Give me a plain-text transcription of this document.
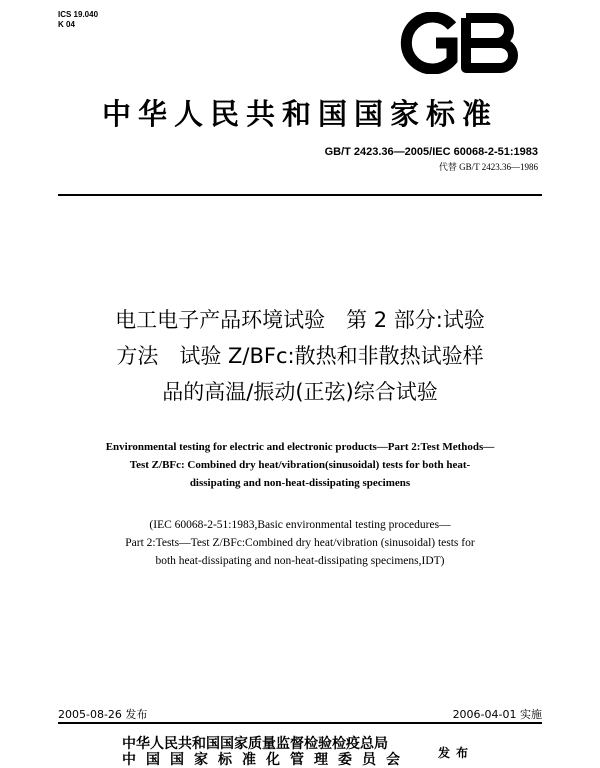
ICS 19.040
K 04
中华人民共和国国家标准
GB/T 2423.36—2005/IEC 60068-2-51:1983
代替 GB/T 2423.36—1986
电工电子产品环境试验　第 2 部分:试验
方法　试验 Z/BFc:散热和非散热试验样
品的高温/振动(正弦)综合试验
Environmental testing for electric and electronic products—Part 2:Test Methods—
Test Z/BFc: Combined dry heat/vibration(sinusoidal) tests for both heat-
dissipating and non-heat-dissipating specimens
(IEC 60068-2-51:1983,Basic environmental testing procedures—
Part 2:Tests—Test Z/BFc:Combined dry heat/vibration (sinusoidal) tests for
both heat-dissipating and non-heat-dissipating specimens,IDT)
2005-08-26 发布	2006-04-01 实施
中华人民共和国国家质量监督检验检疫总局
中国国家标准化管理委员会 发布
